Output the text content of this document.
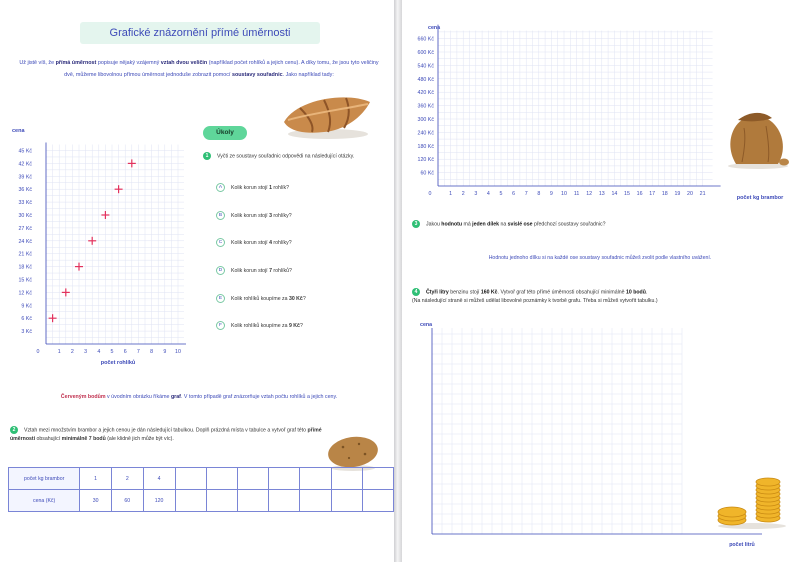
Grafické znázornění přímé úměrnosti
Už jistě víš, že přímá úměrnost popisuje nějaký vzájemný vztah dvou veličin (například počet rohlíků a jejich cenu). A díky tomu, že jsou tyto veličiny dvě, můžeme libovolnou přímou úměrnost jednoduše zobrazit pomocí soustavy souřadnic. Jako například tady:
0	1 2 3 4 5 6 7 8 9 10
3 Kč
6 Kč
9 Kč
12 Kč
15 Kč
18 Kč
21 Kč
24 Kč
27 Kč
30 Kč
33 Kč
36 Kč
39 Kč
42 Kč
45 Kč
cena
počet rohlíků
Úkoly
1 Vyčti ze soustavy souřadnic odpovědi na následující otázky.
A Kolik korun stojí 1 rohlík?
B Kolik korun stojí 3 rohlíky?
C Kolik korun stojí 4 rohlíky?
D Kolik korun stojí 7 rohlíků?
E Kolik rohlíků koupíme za 30 Kč?
F Kolik rohlíků koupíme za 9 Kč?
Červeným bodům v úvodním obrázku říkáme graf. V tomto případě graf znázorňuje vztah počtu rohlíků a jejich ceny.
2 Vztah mezi množstvím brambor a jejich cenou je dán následující tabulkou. Doplň prázdná místa v tabulce a vytvoř graf této přímé úměrnosti obsahující minimálně 7 bodů (ale klidně jich může být víc).
počet kg brambor	1	2	4							
cena (Kč)	30	60	120							
0	1 2 3 4 5 6 7 8 9 10 11 12 13 14 15 16 17 18 19 20 21
60 Kč
120 Kč
180 Kč
240 Kč
300 Kč
360 Kč
420 Kč
480 Kč
540 Kč
600 Kč
660 Kč
cena
počet kg brambor
3 Jakou hodnotu má jeden dílek na svislé ose předchozí soustavy souřadnic?
Hodnotu jednoho dílku si na každé ose soustavy souřadnic můžeš zvolit podle vlastního uvážení.
4 Čtyři litry benzinu stojí 160 Kč. Vytvoř graf této přímé úměrnosti obsahující minimálně 10 bodů.
(Na následující straně si můžeš udělat libovolné poznámky k tvorbě grafu. Třeba si můžeš vytvořit tabulku.)
cena
počet litrů
